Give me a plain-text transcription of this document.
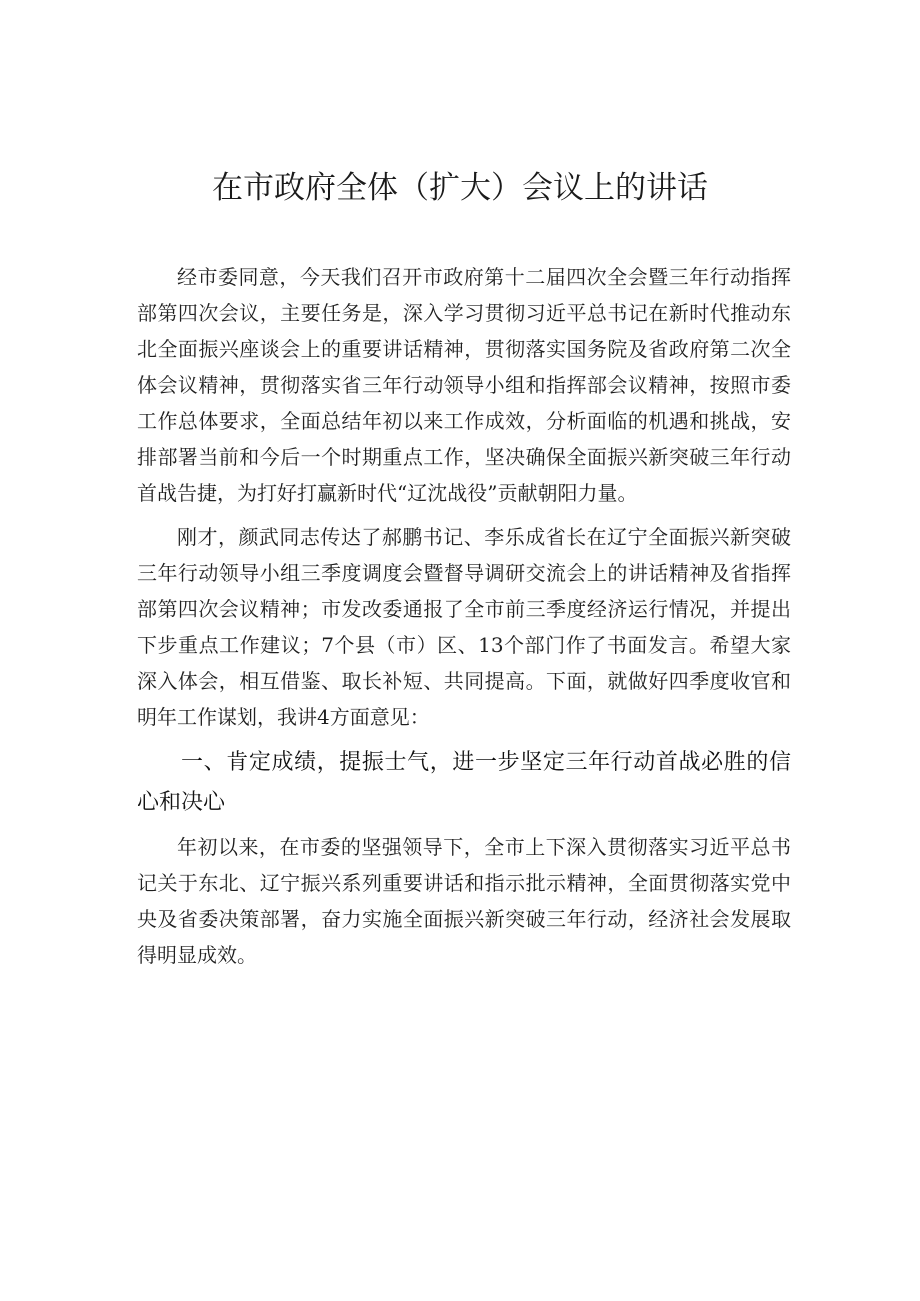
在市政府全体（扩大）会议上的讲话

经市委同意，今天我们召开市政府第十二届四次全会暨三年行动指挥部第四次会议，主要任务是，深入学习贯彻习近平总书记在新时代推动东北全面振兴座谈会上的重要讲话精神，贯彻落实国务院及省政府第二次全体会议精神，贯彻落实省三年行动领导小组和指挥部会议精神，按照市委工作总体要求，全面总结年初以来工作成效，分析面临的机遇和挑战，安排部署当前和今后一个时期重点工作，坚决确保全面振兴新突破三年行动首战告捷，为打好打赢新时代“辽沈战役”贡献朝阳力量。

刚才，颜武同志传达了郝鹏书记、李乐成省长在辽宁全面振兴新突破三年行动领导小组三季度调度会暨督导调研交流会上的讲话精神及省指挥部第四次会议精神；市发改委通报了全市前三季度经济运行情况，并提出下步重点工作建议；7个县（市）区、13个部门作了书面发言。希望大家深入体会，相互借鉴、取长补短、共同提高。下面，就做好四季度收官和明年工作谋划，我讲4方面意见：

一、肯定成绩，提振士气，进一步坚定三年行动首战必胜的信心和决心

年初以来，在市委的坚强领导下，全市上下深入贯彻落实习近平总书记关于东北、辽宁振兴系列重要讲话和指示批示精神，全面贯彻落实党中央及省委决策部署，奋力实施全面振兴新突破三年行动，经济社会发展取得明显成效。
